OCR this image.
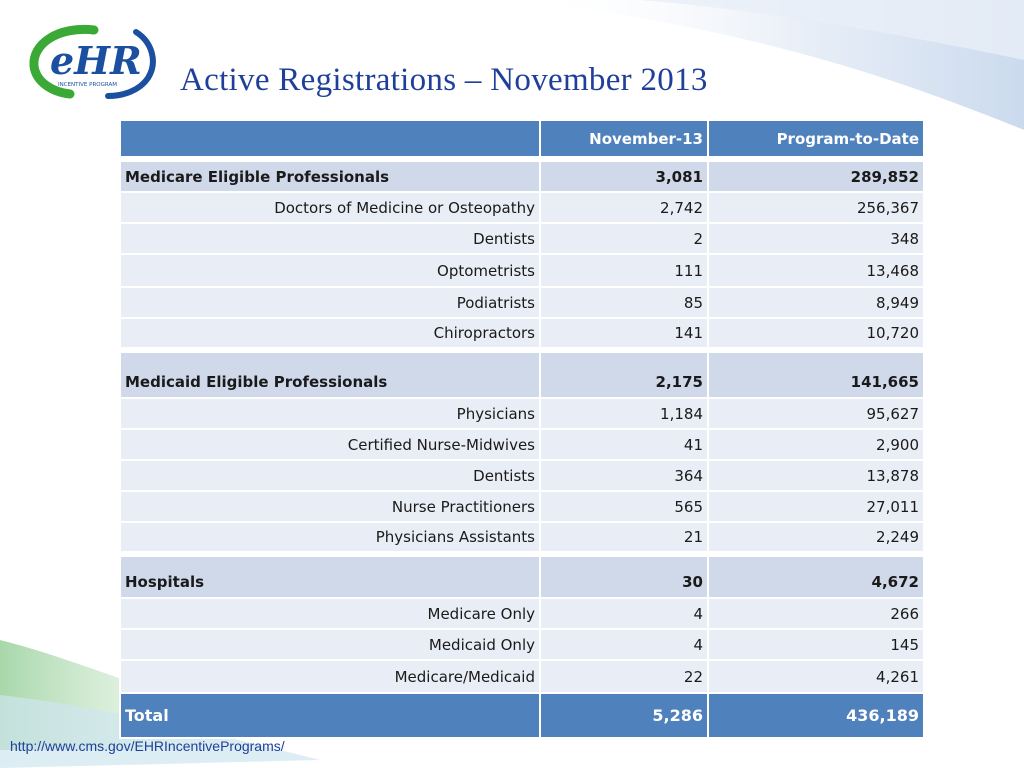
eHR
INCENTIVE PROGRAM Active Registrations – November 2013
	November-13	Program-to-Date

Medicare Eligible Professionals	3,081	289,852
Doctors of Medicine or Osteopathy	2,742	256,367
Dentists	2	348
Optometrists	111	13,468
Podiatrists	85	8,949
Chiropractors	141	10,720

Medicaid Eligible Professionals	2,175	141,665
Physicians	1,184	95,627
Certified Nurse-Midwives	41	2,900
Dentists	364	13,878
Nurse Practitioners	565	27,011
Physicians Assistants	21	2,249

Hospitals	30	4,672
Medicare Only	4	266
Medicaid Only	4	145
Medicare/Medicaid	22	4,261
Total	5,286	436,189
http://www.cms.gov/EHRIncentivePrograms/
